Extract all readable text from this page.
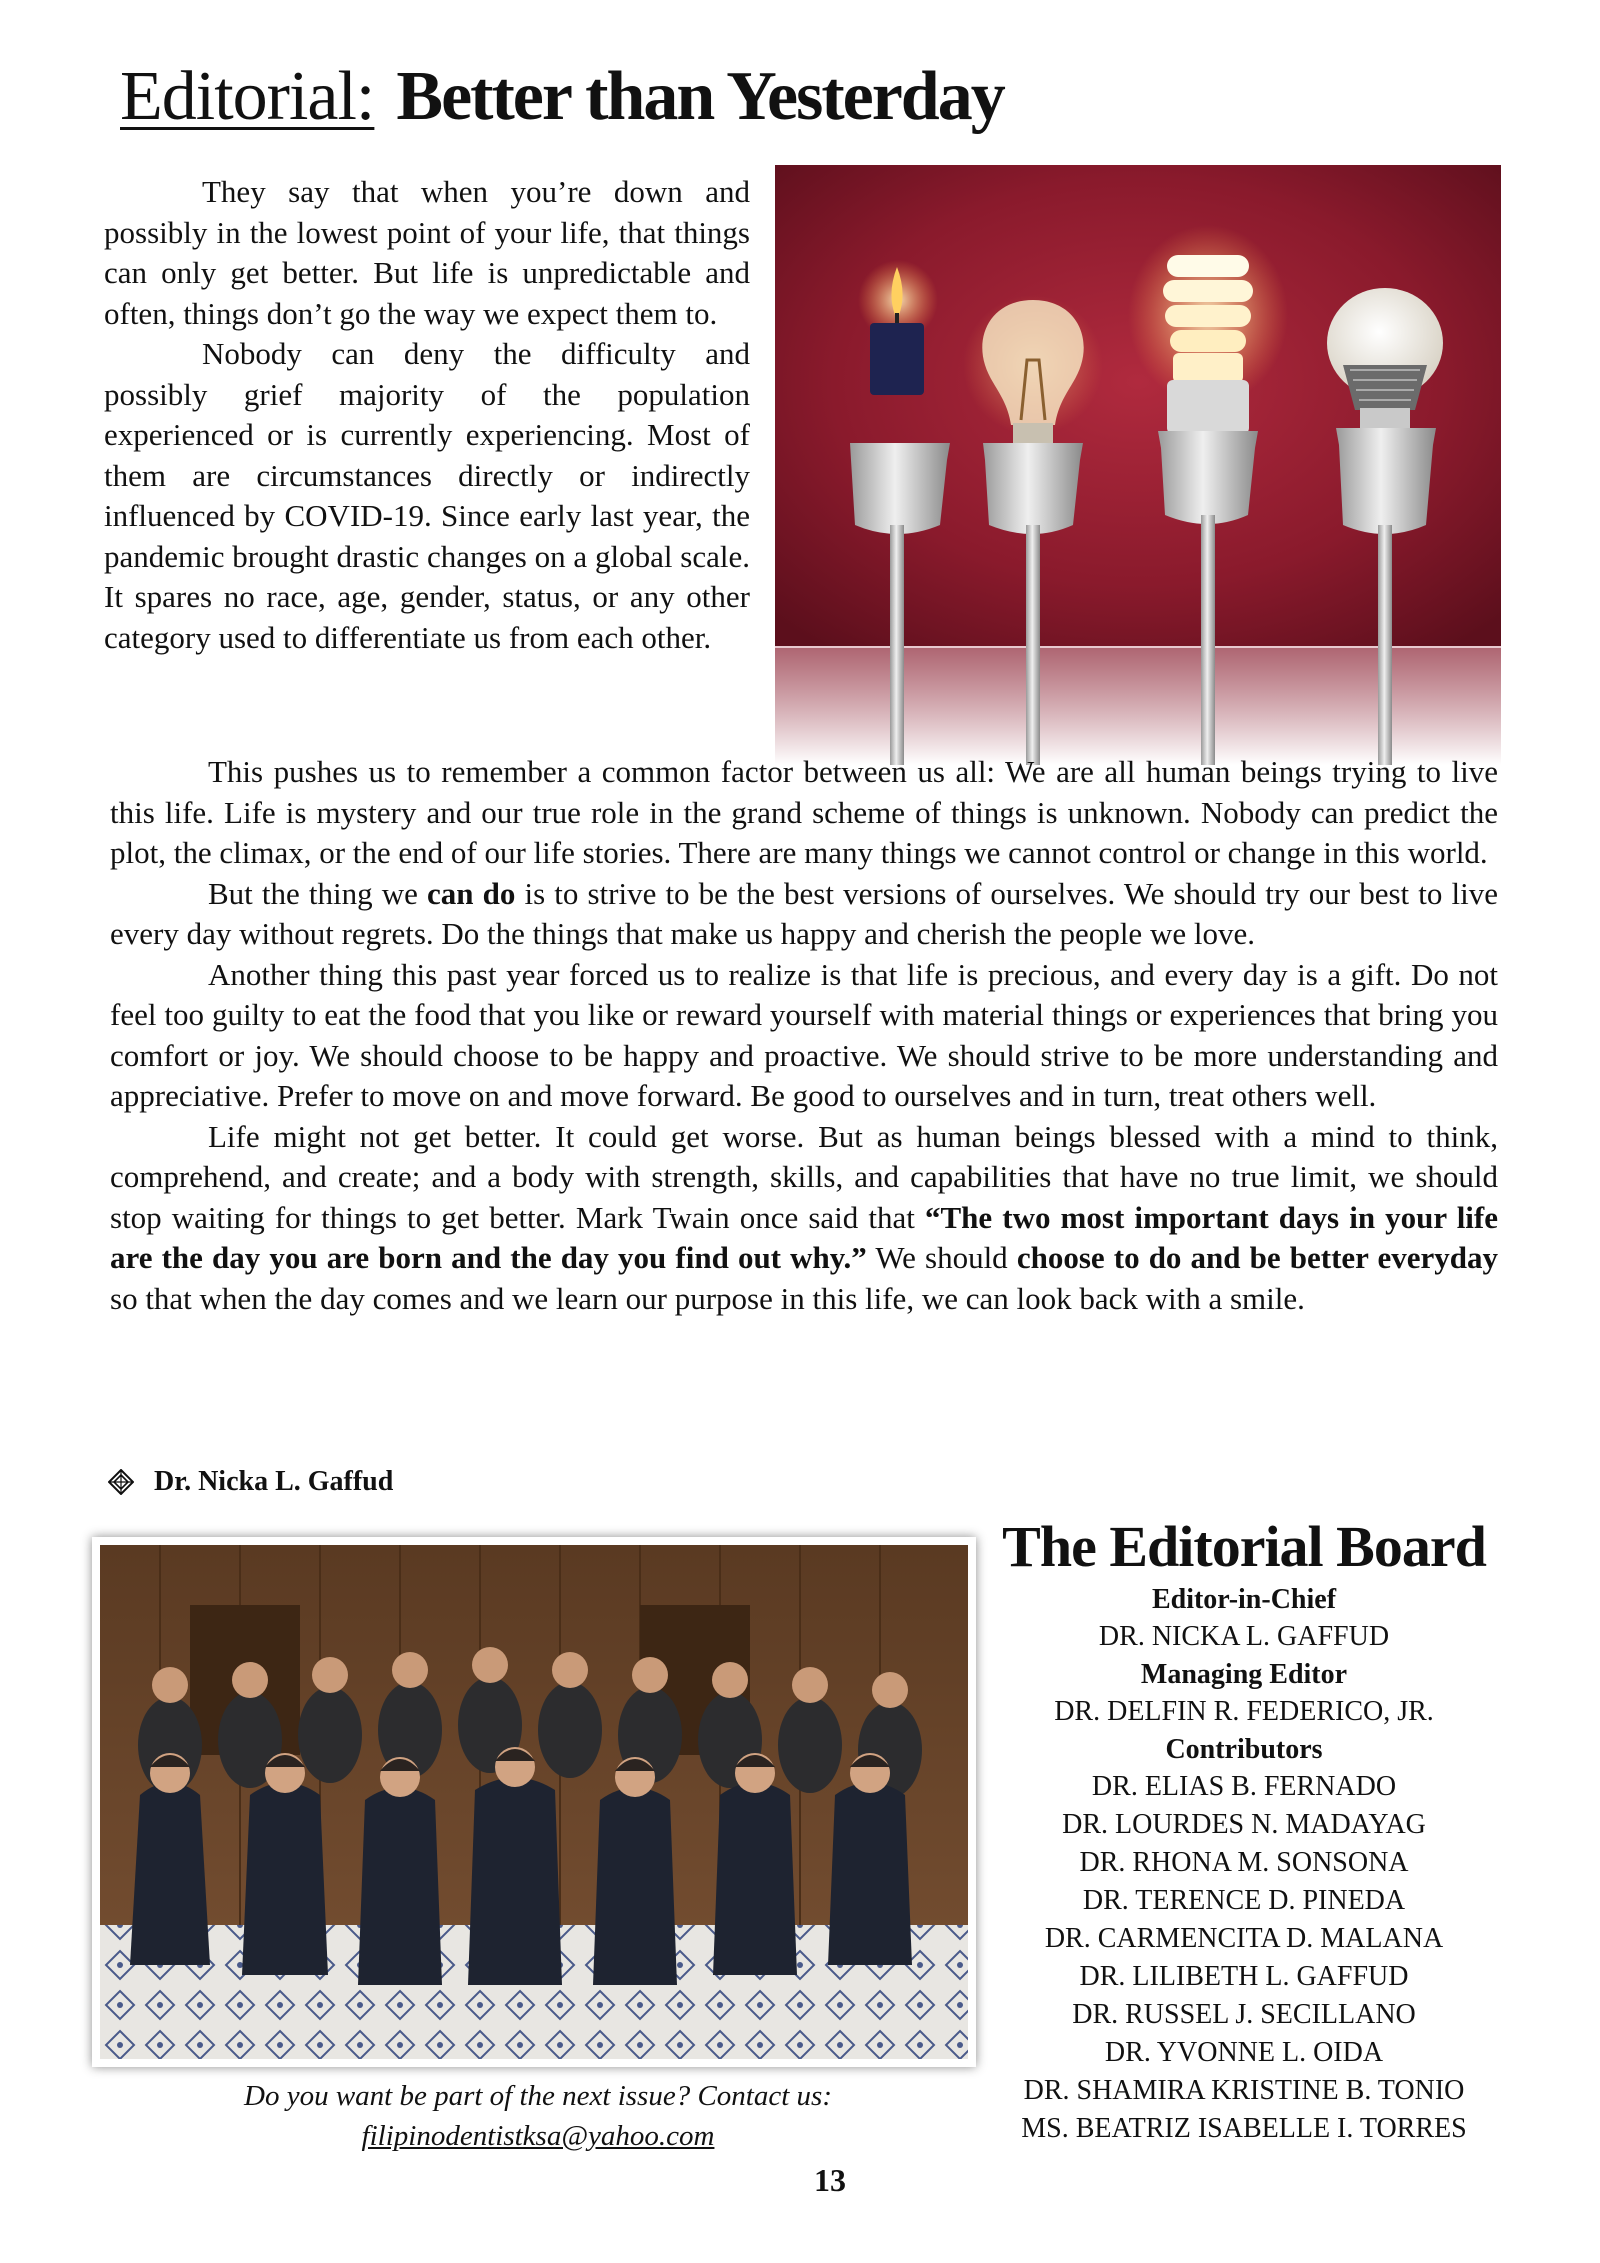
Editorial: Better than Yesterday

They say that when you’re down and possibly in the lowest point of your life, that things can only get better. But life is unpredictable and often, things don’t go the way we expect them to.

Nobody can deny the difficulty and possibly grief majority of the population experienced or is currently experiencing. Most of them are circumstances directly or indirectly influenced by COVID-19. Since early last year, the pandemic brought drastic changes on a global scale. It spares no race, age, gender, status, or any other category used to differentiate us from each other.

This pushes us to remember a common factor between us all: We are all human beings trying to live this life. Life is mystery and our true role in the grand scheme of things is unknown. Nobody can predict the plot, the climax, or the end of our life stories. There are many things we cannot control or change in this world.

But the thing we can do is to strive to be the best versions of ourselves. We should try our best to live every day without regrets. Do the things that make us happy and cherish the people we love.

Another thing this past year forced us to realize is that life is precious, and every day is a gift. Do not feel too guilty to eat the food that you like or reward yourself with material things or experiences that bring you comfort or joy. We should choose to be happy and proactive. We should strive to be more understanding and appreciative. Prefer to move on and move forward. Be good to ourselves and in turn, treat others well.

Life might not get better. It could get worse. But as human beings blessed with a mind to think, comprehend, and create; and a body with strength, skills, and capabilities that have no true limit, we should stop waiting for things to get better. Mark Twain once said that “The two most important days in your life are the day you are born and the day you find out why.” We should choose to do and be better everyday so that when the day comes and we learn our purpose in this life, we can look back with a smile.

Dr. Nicka L. Gaffud
Do you want be part of the next issue? Contact us:
filipinodentistksa@yahoo.com
The Editorial Board
Editor-in-Chief
DR. NICKA L. GAFFUD
Managing Editor
DR. DELFIN R. FEDERICO, JR.
Contributors
DR. ELIAS B. FERNADO
DR. LOURDES N. MADAYAG
DR. RHONA M. SONSONA
DR. TERENCE D. PINEDA
DR. CARMENCITA D. MALANA
DR. LILIBETH L. GAFFUD
DR. RUSSEL J. SECILLANO
DR. YVONNE L. OIDA
DR. SHAMIRA KRISTINE B. TONIO
MS. BEATRIZ ISABELLE I. TORRES
13
